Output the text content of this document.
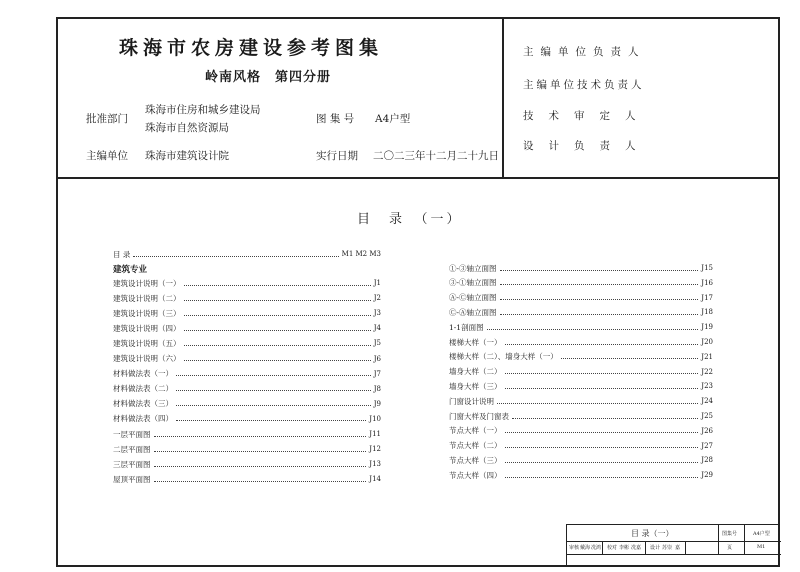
珠海市农房建设参考图集
岭南风格　第四分册
批准部门
珠海市住房和城乡建设局
珠海市自然资源局
主编单位 珠海市建筑设计院
图 集 号 A4户型
实行日期 二〇二三年十二月二十九日
主编单位负责人
主编单位技术负责人
技术审定人
设计负责人
目　录　（一）
目 录	M1 M2 M3
建筑专业
建筑设计说明（一）	J1
建筑设计说明（二）	J2
建筑设计说明（三）	J3
建筑设计说明（四）	J4
建筑设计说明（五）	J5
建筑设计说明（六）	J6
材料做法表（一）	J7
材料做法表（二）	J8
材料做法表（三）	J9
材料做法表（四）	J10
一层平面图	J11
二层平面图	J12
三层平面图	J13
屋顶平面图	J14
①-③轴立面图	J15
③-①轴立面图	J16
Ⓐ-Ⓒ轴立面图	J17
Ⓒ-Ⓐ轴立面图	J18
1-1剖面图	J19
楼梯大样（一）	J20
楼梯大样（二）、墙身大样（一）	J21
墙身大样（二）	J22
墙身大样（三）	J23
门窗设计说明	J24
门窗大样及门窗表	J25
节点大样（一）	J26
节点大样（二）	J27
节点大样（三）	J28
节点大样（四）	J29
目 录（一）	图集号	A4户型
审核 戴海 冼鸿 校对 李彬 冼嘉 设计 苏崇 嘉	页	M1
